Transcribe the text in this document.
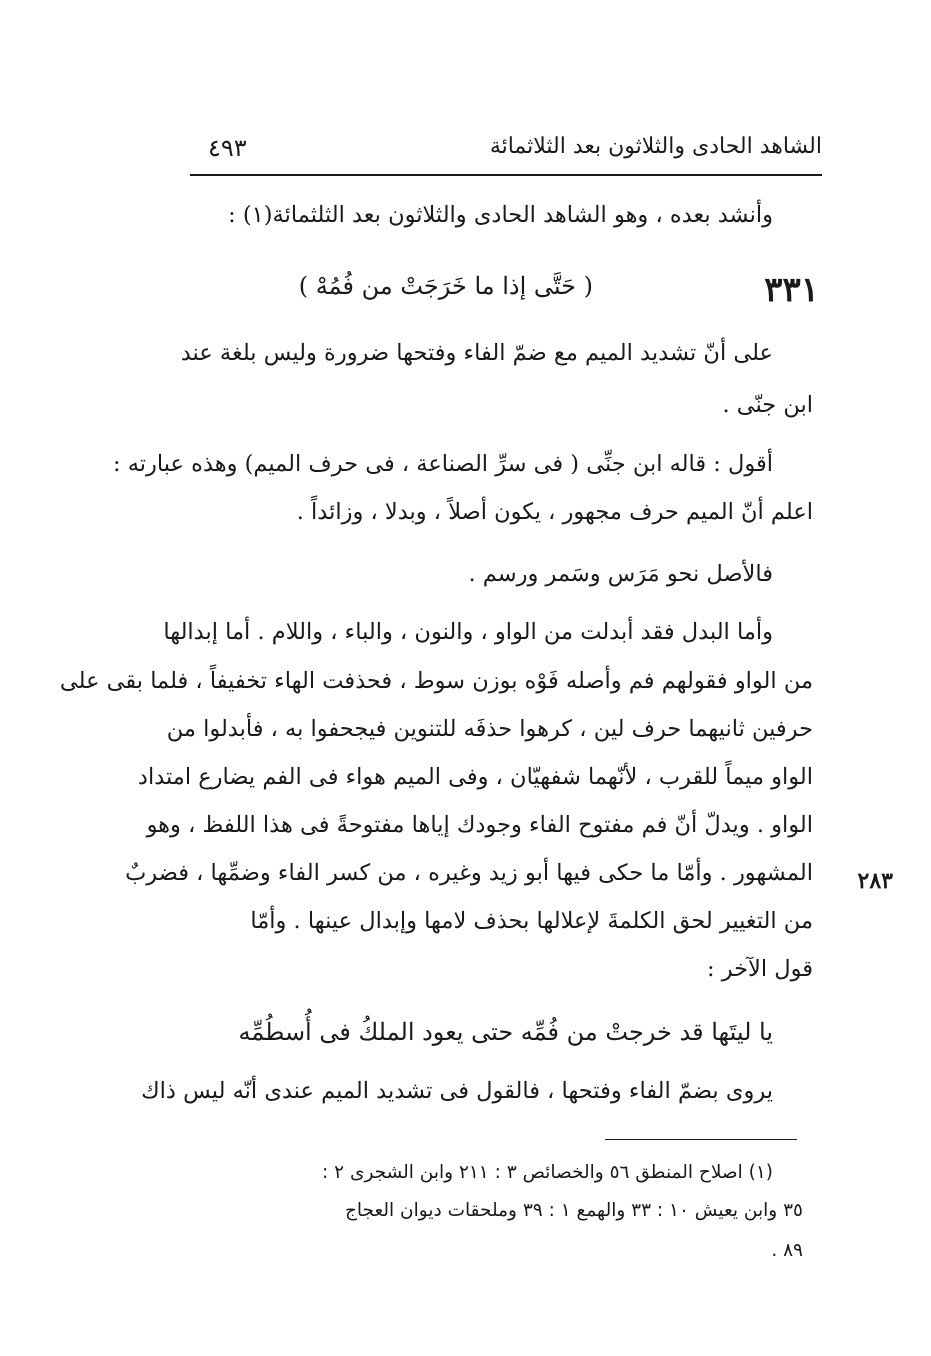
الشاهد الحادى والثلاثون بعد الثلاثمائة
٤٩٣
وأنشد بعده ، وهو الشاهد الحادى والثلاثون بعد الثلثمائة(١) :
٣٣١
( حَتَّى إذا ما خَرَجَتْ من فُمُهْ )
على أنّ تشديد الميم مع ضمّ الفاء وفتحها ضرورة وليس بلغة عند
ابن جنّى .
أقول : قاله ابن جنِّى ( فى سرِّ الصناعة ، فى حرف الميم) وهذه عبارته :
اعلم أنّ الميم حرف مجهور ، يكون أصلاً ، وبدلا ، وزائداً .
فالأصل نحو مَرَس وسَمر ورسم .
وأما البدل فقد أبدلت من الواو ، والنون ، والباء ، واللام . أما إبدالها
من الواو فقولهم فم وأصله فَوْه بوزن سوط ، فحذفت الهاء تخفيفاً ، فلما بقى على
حرفين ثانيهما حرف لين ، كرهوا حذفَه للتنوين فيجحفوا به ، فأبدلوا من
الواو ميماً للقرب ، لأنّهما شفهيّان ، وفى الميم هواء فى الفم يضارع امتداد
الواو . ويدلّ أنّ فم مفتوح الفاء وجودك إياها مفتوحةً فى هذا اللفظ ، وهو
المشهور . وأمّا ما حكى فيها أبو زيد وغيره ، من كسر الفاء وضمِّها ، فضربٌ ٢٨٣
من التغيير لحق الكلمةَ لإعلالها بحذف لامها وإبدال عينها . وأمّا
قول الآخر :
يا ليتَها قد خرجتْ من فُمِّه حتى يعود الملكُ فى أُسطُمِّه
يروى بضمّ الفاء وفتحها ، فالقول فى تشديد الميم عندى أنّه ليس ذاك
(١) اصلاح المنطق ٥٦ والخصائص ٣ : ٢١١ وابن الشجرى ٢ :
٣٥ وابن يعيش ١٠ : ٣٣ والهمع ١ : ٣٩ وملحقات ديوان العجاج
٨٩ .
